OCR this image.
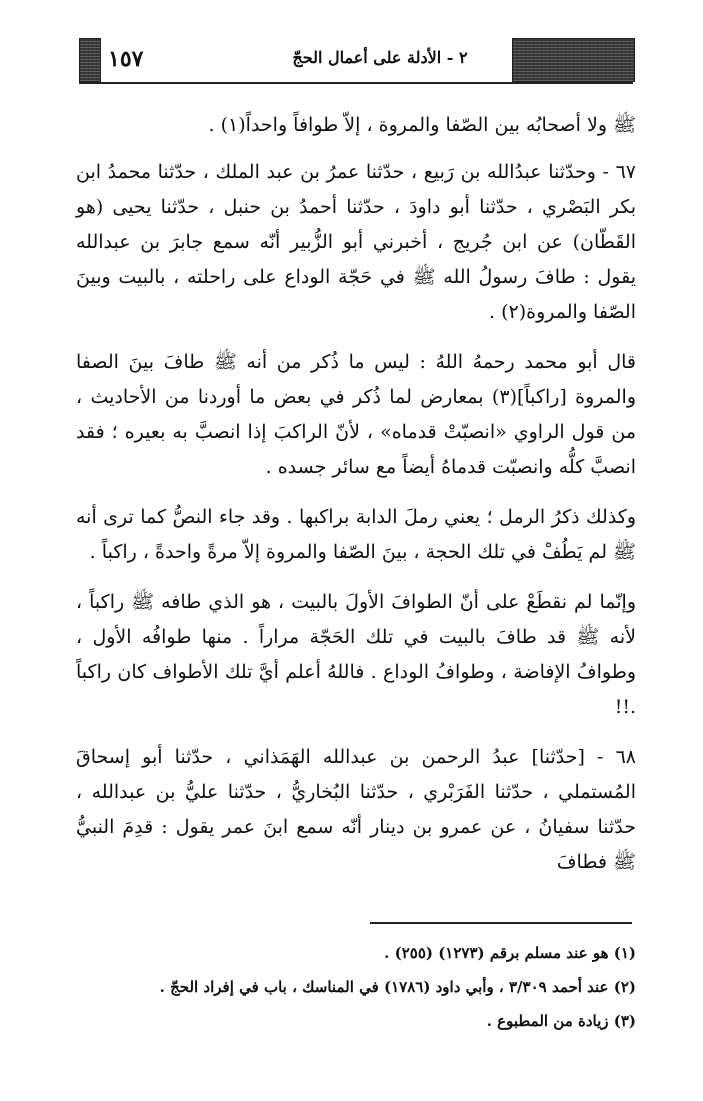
١٥٧	٢ - الأدلة على أعمال الحجّ

ﷺ ولا أصحابُه بين الصّفا والمروة ، إلاّ طوافاً واحداً(١) .

٦٧ - وحدّثنا عبدُالله بن رَبيع ، حدّثنا عمرُ بن عبد الملك ، حدّثنا محمدُ ابن بكر البَصْري ، حدّثنا أبو داودَ ، حدّثنا أحمدُ بن حنبل ، حدّثنا يحيى (هو القَطّان) عن ابن جُريج ، أخبرني أبو الزُّبير أنّه سمع جابرَ بن عبدالله يقول : طافَ رسولُ الله ﷺ في حَجّة الوداع على راحلته ، بالبيت وبينَ الصّفا والمروة(٢) .

قال أبو محمد رحمهُ اللهُ : ليس ما ذُكر من أنه ﷺ طافَ بينَ الصفا والمروة [راكباً](٣) بمعارض لما ذُكر في بعض ما أوردنا من الأحاديث ، من قول الراوي «انصبّتْ قدماه» ، لأنّ الراكبَ إذا انصبَّ به بعيره ؛ فقد انصبَّ كلُّه وانصبّت قدماهُ أيضاً مع سائر جسده .

وكذلك ذكرُ الرمل ؛ يعني رملَ الدابة براكبها . وقد جاء النصُّ كما ترى أنه ﷺ لم يَطُفْ في تلك الحجة ، بينَ الصّفا والمروة إلاّ مرةً واحدةً ، راكباً .

وإنّما لم نقطَعْ على أنّ الطوافَ الأولَ بالبيت ، هو الذي طافه ﷺ راكباً ، لأنه ﷺ قد طافَ بالبيت في تلك الحَجّة مراراً . منها طوافُه الأول ، وطوافُ الإفاضة ، وطوافُ الوداع . فاللهُ أعلم أيَّ تلك الأطواف كان راكباً .!!

٦٨ - [حدّثنا] عبدُ الرحمن بن عبدالله الهَمَذاني ، حدّثنا أبو إسحاقَ المُستملي ، حدّثنا الفَرَبْري ، حدّثنا البُخاريُّ ، حدّثنا عليُّ بن عبدالله ، حدّثنا سفيانُ ، عن عمرو بن دينار أنّه سمع ابنَ عمر يقول : قدِمَ النبيُّ ﷺ فطافَ

(١) هو عند مسلم برقم (١٢٧٣) (٢٥٥) .

(٢) عند أحمد ٣/٣٠٩ ، وأبي داود (١٧٨٦) في المناسك ، باب في إفراد الحجّ .

(٣) زيادة من المطبوع .
